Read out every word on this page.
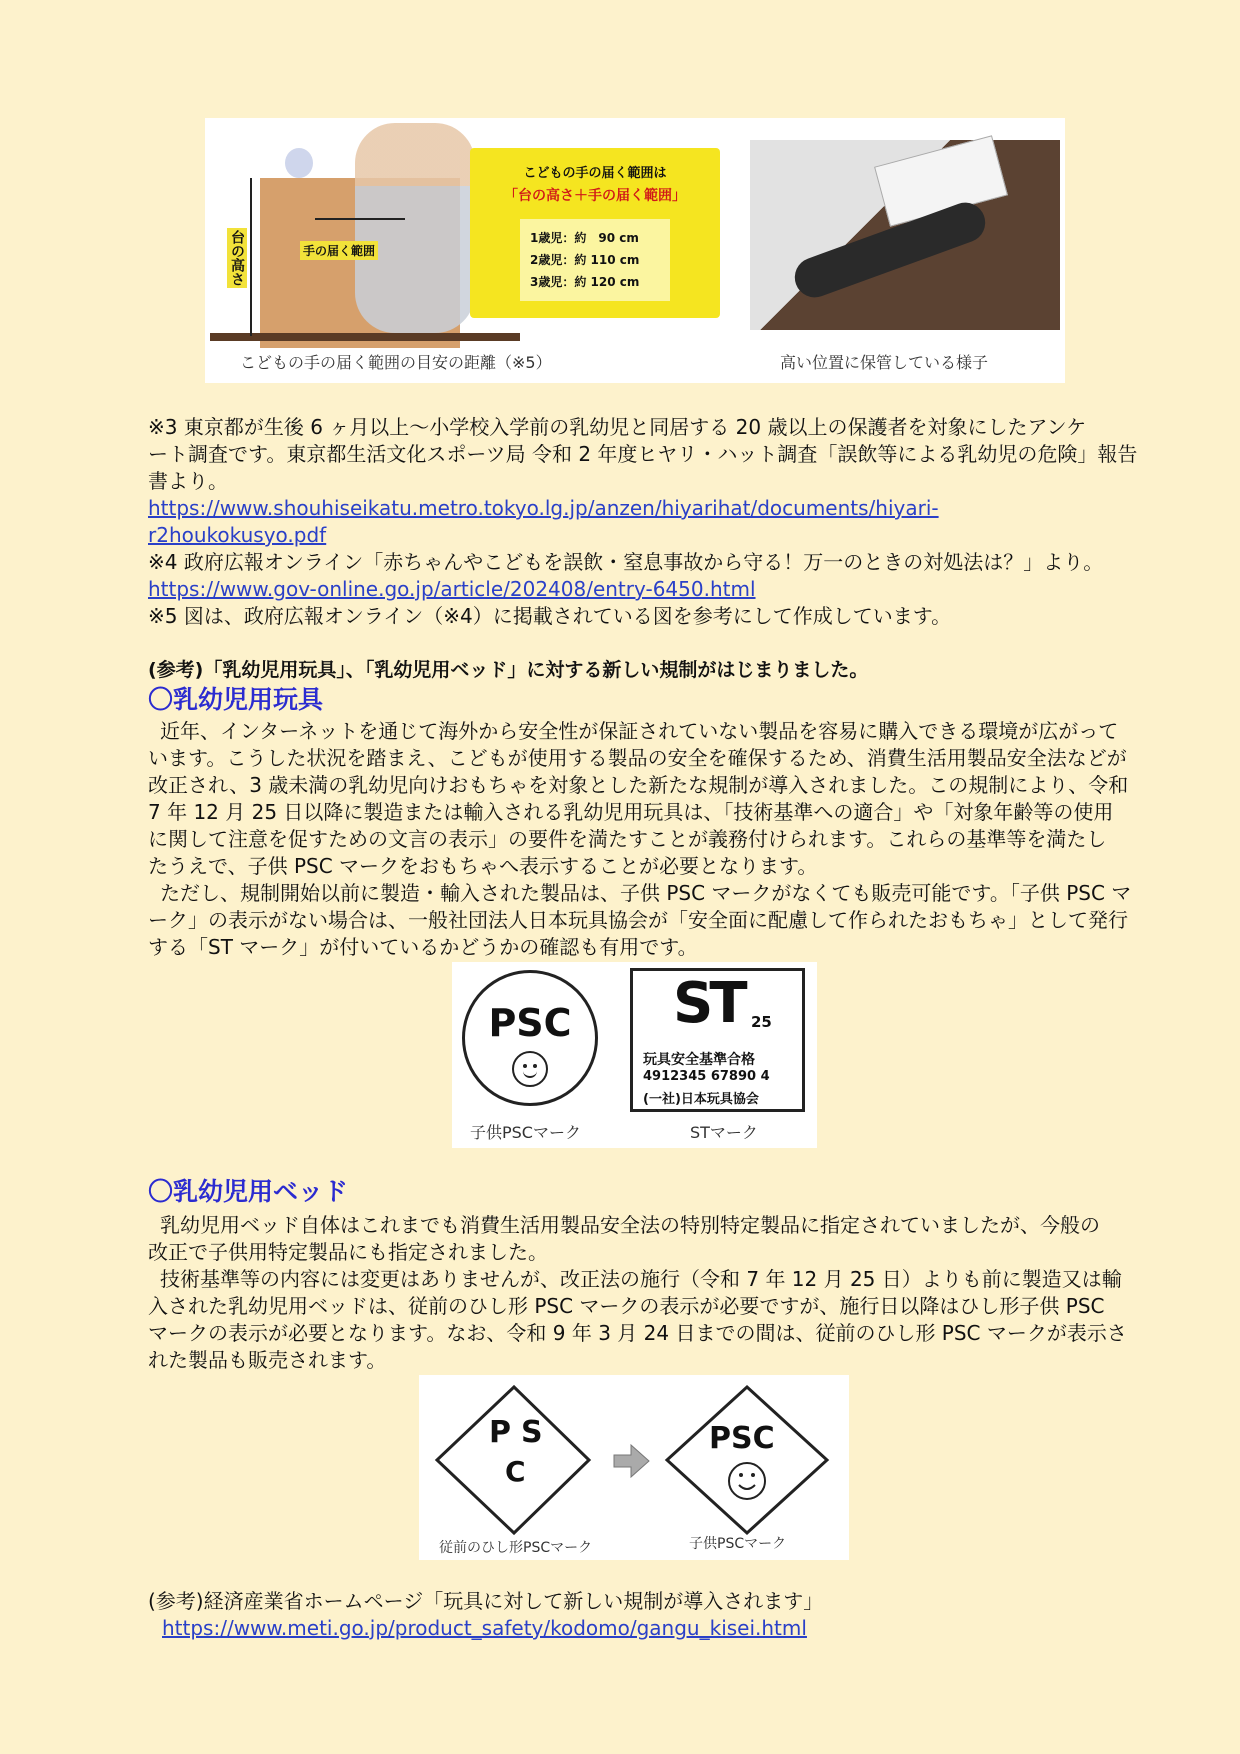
台の高さ	手の届く範囲
こどもの手の届く範囲は
「台の高さ＋手の届く範囲」
1歳児：約　90 cm
2歳児：約 110 cm
3歳児：約 120 cm
こどもの手の届く範囲の目安の距離（※5）	高い位置に保管している様子
※3 東京都が生後 6 ヶ月以上～小学校入学前の乳幼児と同居する 20 歳以上の保護者を対象にしたアンケ
ート調査です。東京都生活文化スポーツ局 令和 2 年度ヒヤリ・ハット調査「誤飲等による乳幼児の危険」報告
書より。
https://www.shouhiseikatu.metro.tokyo.lg.jp/anzen/hiyarihat/documents/hiyari-
r2houkokusyo.pdf
※4 政府広報オンライン「赤ちゃんやこどもを誤飲・窒息事故から守る！万一のときの対処法は？」より。
https://www.gov-online.go.jp/article/202408/entry-6450.html
※5 図は、政府広報オンライン（※4）に掲載されている図を参考にして作成しています。
(参考)「乳幼児用玩具」、「乳幼児用ベッド」に対する新しい規制がはじまりました。
〇乳幼児用玩具
近年、インターネットを通じて海外から安全性が保証されていない製品を容易に購入できる環境が広がって
います。こうした状況を踏まえ、こどもが使用する製品の安全を確保するため、消費生活用製品安全法などが
改正され、3 歳未満の乳幼児向けおもちゃを対象とした新たな規制が導入されました。この規制により、令和
7 年 12 月 25 日以降に製造または輸入される乳幼児用玩具は、「技術基準への適合」や「対象年齢等の使用
に関して注意を促すための文言の表示」の要件を満たすことが義務付けられます。これらの基準等を満たし
たうえで、子供 PSC マークをおもちゃへ表示することが必要となります。
ただし、規制開始以前に製造・輸入された製品は、子供 PSC マークがなくても販売可能です。「子供 PSC マ
ーク」の表示がない場合は、一般社団法人日本玩具協会が「安全面に配慮して作られたおもちゃ」として発行
する「ST マーク」が付いているかどうかの確認も有用です。
PSC
子供PSCマーク
ST 25
玩具安全基準合格
4912345 67890 4
(一社)日本玩具協会
STマーク
〇乳幼児用ベッド
乳幼児用ベッド自体はこれまでも消費生活用製品安全法の特別特定製品に指定されていましたが、今般の
改正で子供用特定製品にも指定されました。
技術基準等の内容には変更はありませんが、改正法の施行（令和 7 年 12 月 25 日）よりも前に製造又は輸
入された乳幼児用ベッドは、従前のひし形 PSC マークの表示が必要ですが、施行日以降はひし形子供 PSC
マークの表示が必要となります。なお、令和 9 年 3 月 24 日までの間は、従前のひし形 PSC マークが表示さ
れた製品も販売されます。
P S
C
PSC
従前のひし形PSCマーク	子供PSCマーク
(参考)経済産業省ホームページ「玩具に対して新しい規制が導入されます」
https://www.meti.go.jp/product_safety/kodomo/gangu_kisei.html
